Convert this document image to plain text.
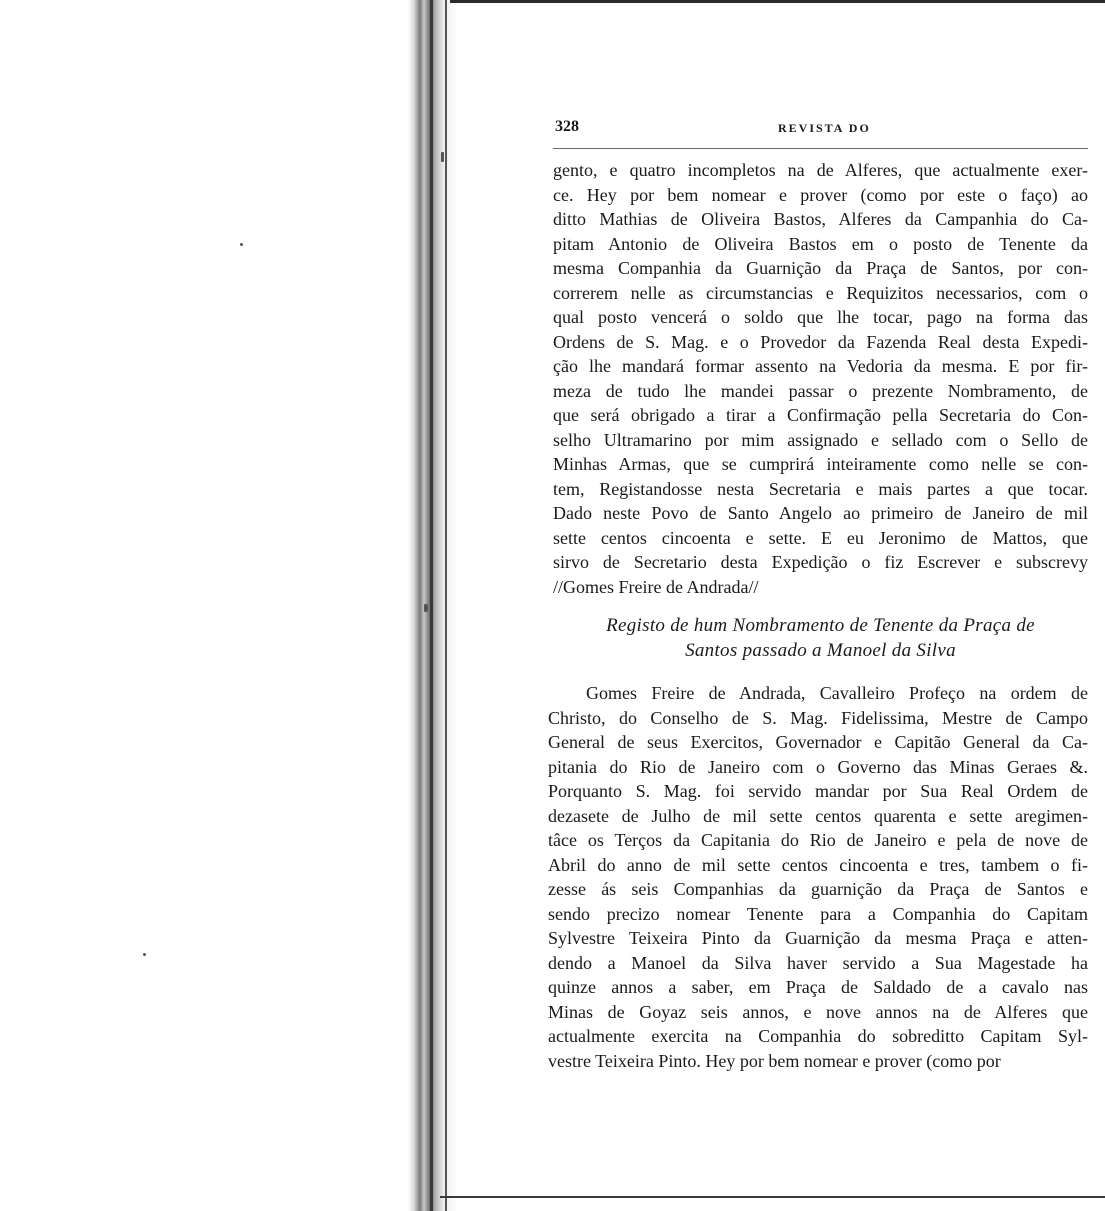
328	REVISTA DO
gento, e quatro incompletos na de Alferes, que actualmente exer-
ce. Hey por bem nomear e prover (como por este o faço) ao
ditto Mathias de Oliveira Bastos, Alferes da Campanhia do Ca-
pitam Antonio de Oliveira Bastos em o posto de Tenente da
mesma Companhia da Guarnição da Praça de Santos, por con-
correrem nelle as circumstancias e Requizitos necessarios, com o
qual posto vencerá o soldo que lhe tocar, pago na forma das
Ordens de S. Mag. e o Provedor da Fazenda Real desta Expedi-
ção lhe mandará formar assento na Vedoria da mesma. E por fir-
meza de tudo lhe mandei passar o prezente Nombramento, de
que será obrigado a tirar a Confirmação pella Secretaria do Con-
selho Ultramarino por mim assignado e sellado com o Sello de
Minhas Armas, que se cumprirá inteiramente como nelle se con-
tem, Registandosse nesta Secretaria e mais partes a que tocar.
Dado neste Povo de Santo Angelo ao primeiro de Janeiro de mil
sette centos cincoenta e sette. E eu Jeronimo de Mattos, que
sirvo de Secretario desta Expedição o fiz Escrever e subscrevy
//Gomes Freire de Andrada//
Registo de hum Nombramento de Tenente da Praça de
Santos passado a Manoel da Silva
Gomes Freire de Andrada, Cavalleiro Profeço na ordem de
Christo, do Conselho de S. Mag. Fidelissima, Mestre de Campo
General de seus Exercitos, Governador e Capitão General da Ca-
pitania do Rio de Janeiro com o Governo das Minas Geraes &.
Porquanto S. Mag. foi servido mandar por Sua Real Ordem de
dezasete de Julho de mil sette centos quarenta e sette aregimen-
tâce os Terços da Capitania do Rio de Janeiro e pela de nove de
Abril do anno de mil sette centos cincoenta e tres, tambem o fi-
zesse ás seis Companhias da guarnição da Praça de Santos e
sendo precizo nomear Tenente para a Companhia do Capitam
Sylvestre Teixeira Pinto da Guarnição da mesma Praça e atten-
dendo a Manoel da Silva haver servido a Sua Magestade ha
quinze annos a saber, em Praça de Saldado de a cavalo nas
Minas de Goyaz seis annos, e nove annos na de Alferes que
actualmente exercita na Companhia do sobreditto Capitam Syl-
vestre Teixeira Pinto. Hey por bem nomear e prover (como por
